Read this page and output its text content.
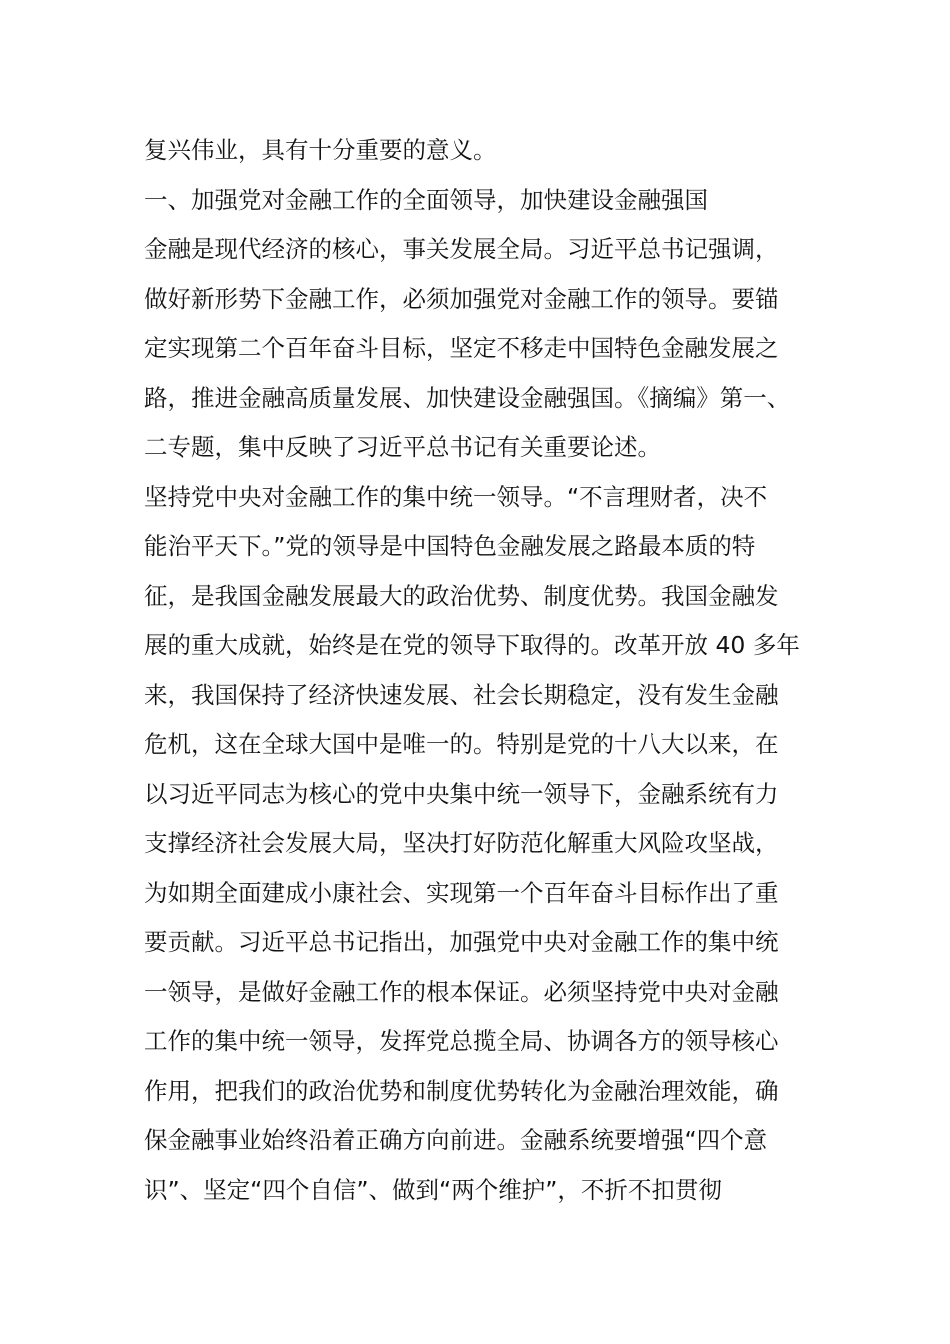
复兴伟业，具有十分重要的意义。
一、加强党对金融工作的全面领导，加快建设金融强国
金融是现代经济的核心，事关发展全局。习近平总书记强调，
做好新形势下金融工作，必须加强党对金融工作的领导。要锚
定实现第二个百年奋斗目标，坚定不移走中国特色金融发展之
路，推进金融高质量发展、加快建设金融强国。《摘编》第一、
二专题，集中反映了习近平总书记有关重要论述。
坚持党中央对金融工作的集中统一领导。“不言理财者，决不
能治平天下。”党的领导是中国特色金融发展之路最本质的特
征，是我国金融发展最大的政治优势、制度优势。我国金融发
展的重大成就，始终是在党的领导下取得的。改革开放 40 多年
来，我国保持了经济快速发展、社会长期稳定，没有发生金融
危机，这在全球大国中是唯一的。特别是党的十八大以来，在
以习近平同志为核心的党中央集中统一领导下，金融系统有力
支撑经济社会发展大局，坚决打好防范化解重大风险攻坚战，
为如期全面建成小康社会、实现第一个百年奋斗目标作出了重
要贡献。习近平总书记指出，加强党中央对金融工作的集中统
一领导，是做好金融工作的根本保证。必须坚持党中央对金融
工作的集中统一领导，发挥党总揽全局、协调各方的领导核心
作用，把我们的政治优势和制度优势转化为金融治理效能，确
保金融事业始终沿着正确方向前进。金融系统要增强“四个意
识”、坚定“四个自信”、做到“两个维护”，不折不扣贯彻
